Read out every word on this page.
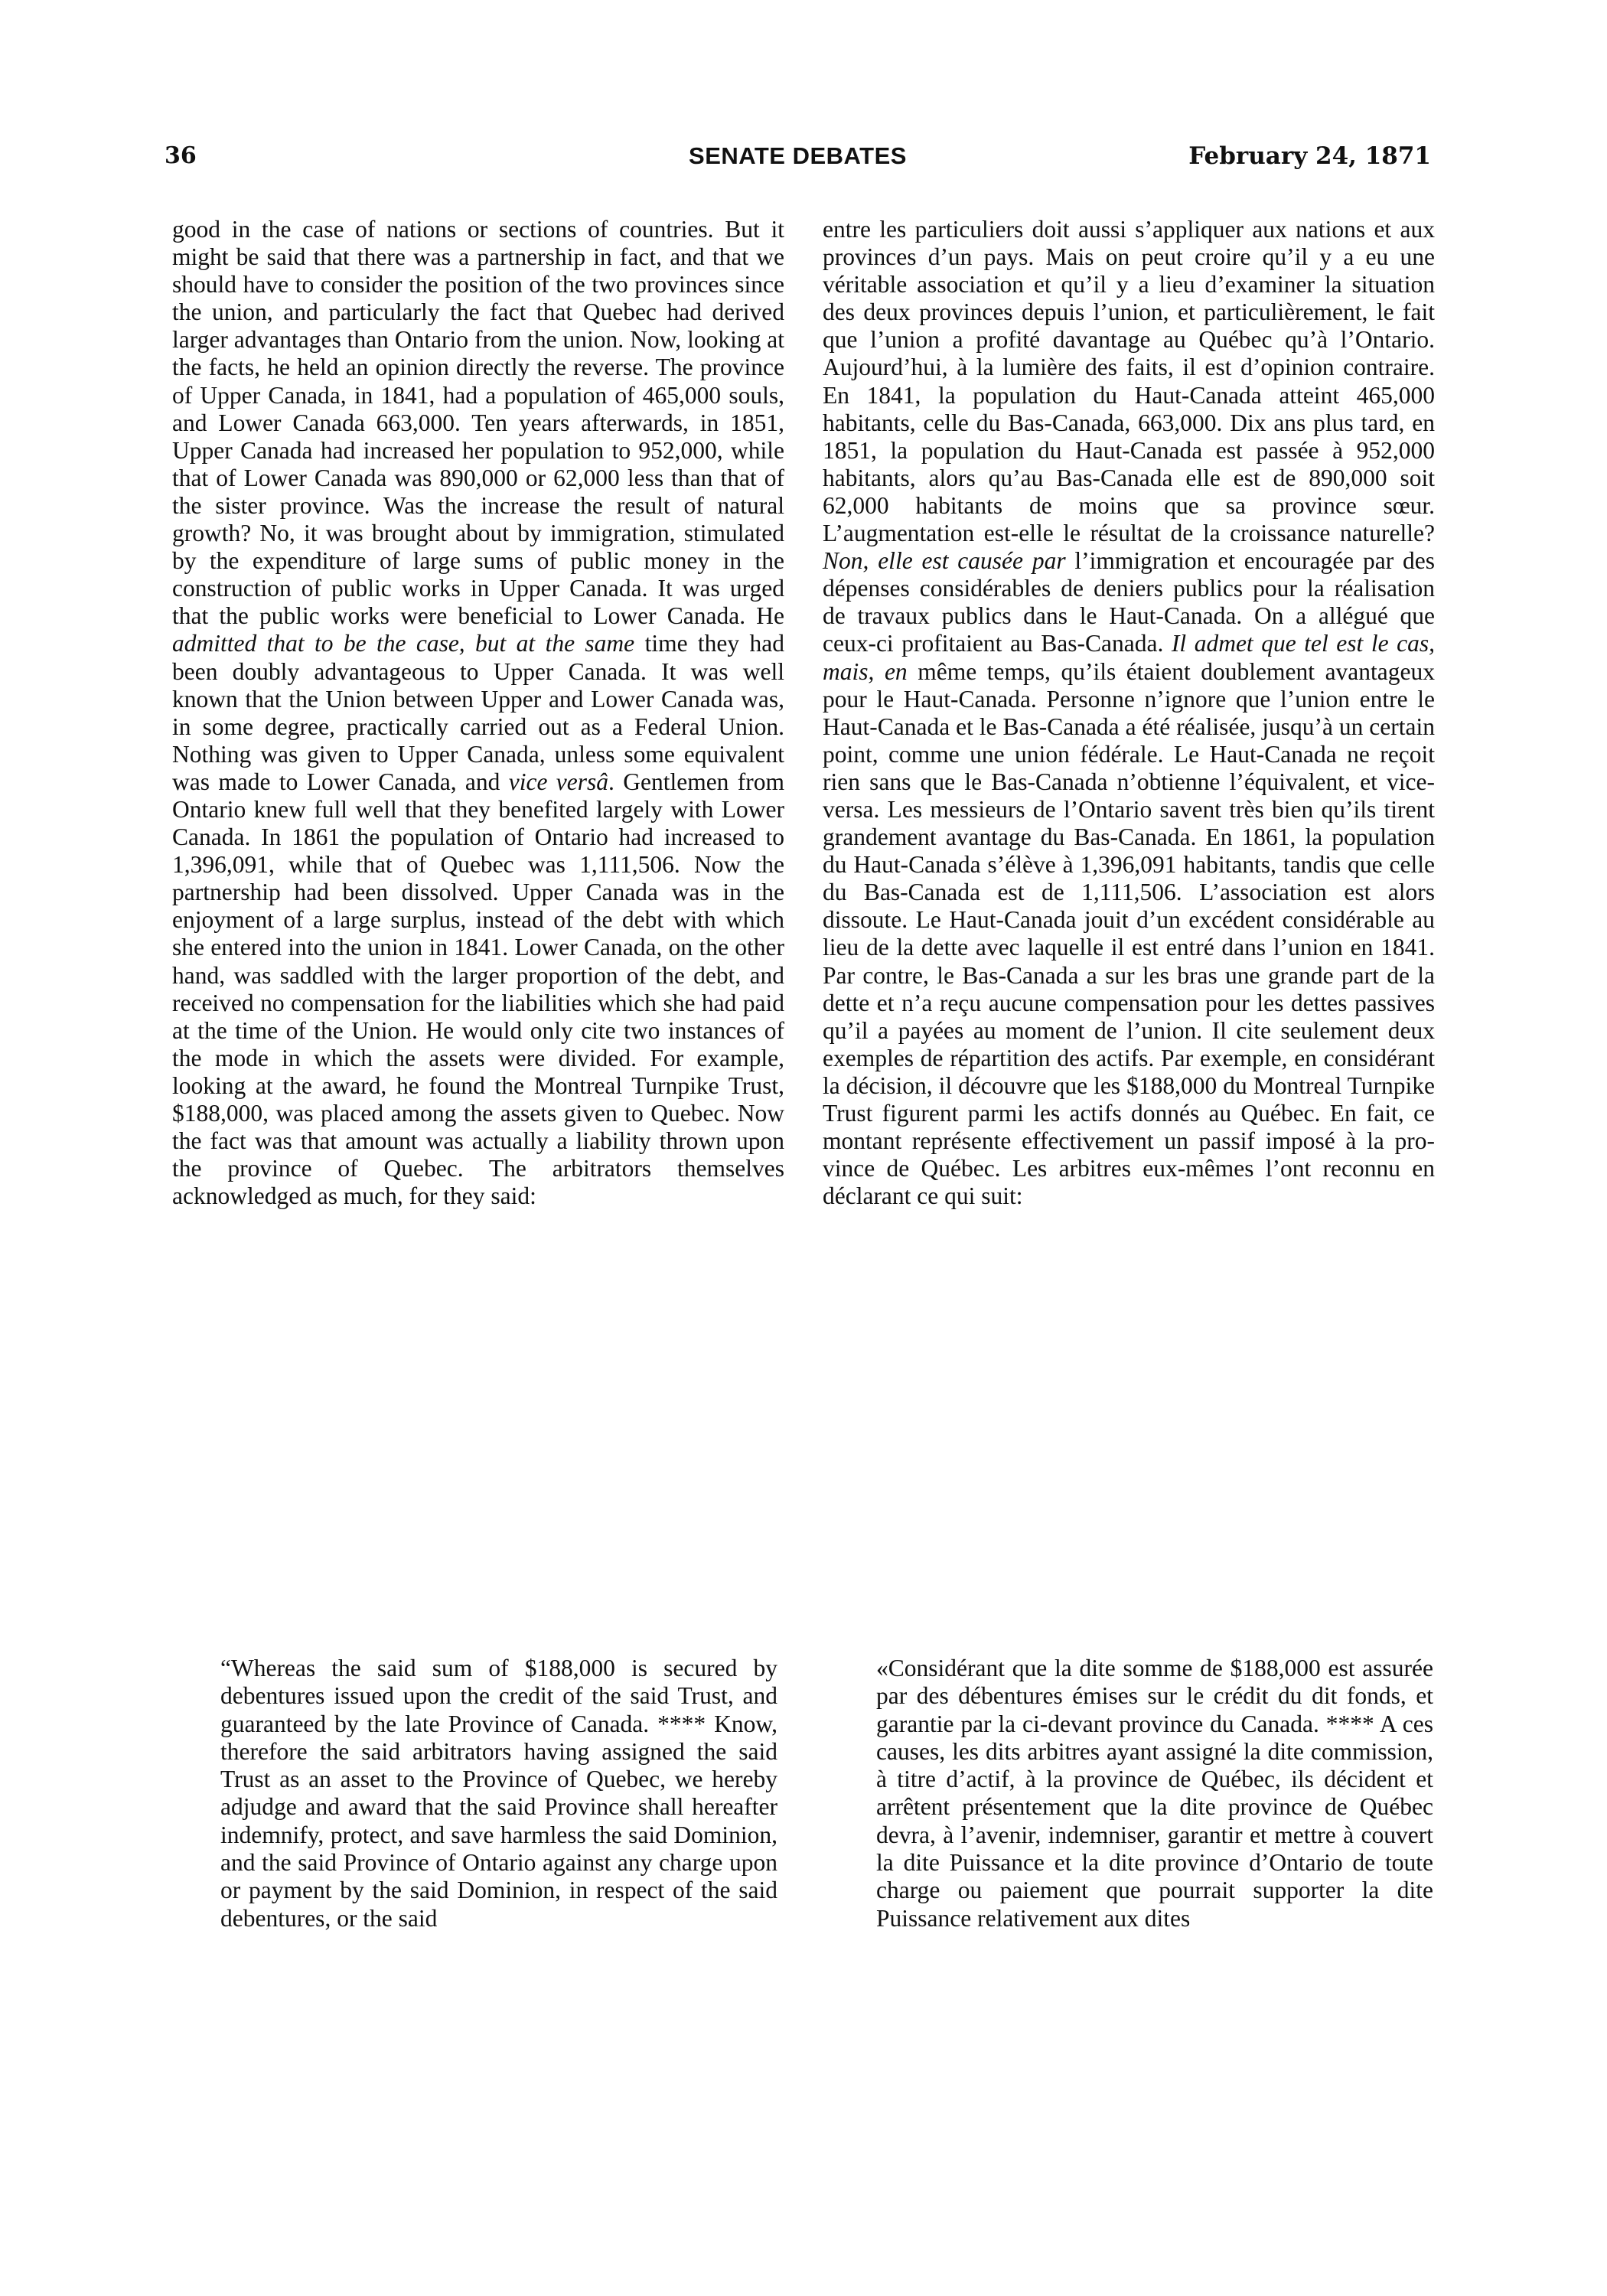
36	SENATE DEBATES	February 24, 1871

good in the case of nations or sections of countries. But it might be said that there was a partnership in fact, and that we should have to consider the position of the two provinces since the union, and particularly the fact that Quebec had derived larger advantages than Ontario from the union. Now, looking at the facts, he held an opinion directly the reverse. The province of Upper Canada, in 1841, had a population of 465,000 souls, and Lower Canada 663,000. Ten years afterwards, in 1851, Upper Canada had increased her population to 952,000, while that of Lower Canada was 890,000 or 62,000 less than that of the sister province. Was the increase the result of natural growth? No, it was brought about by immigration, stimulated by the expenditure of large sums of public money in the construction of public works in Upper Canada. It was urged that the public works were beneficial to Lower Canada. He admitted that to be the case, but at the same time they had been doubly advantageous to Upper Canada. It was well known that the Union between Upper and Lower Canada was, in some degree, practically carried out as a Federal Union. Nothing was given to Upper Canada, unless some equivalent was made to Lower Canada, and vice versâ. Gentlemen from Ontario knew full well that they benefited largely with Lower Canada. In 1861 the population of Ontario had increased to 1,396,091, while that of Quebec was 1,111,506. Now the partnership had been dissolved. Upper Canada was in the enjoyment of a large surplus, instead of the debt with which she entered into the union in 1841. Lower Canada, on the other hand, was saddled with the larger proportion of the debt, and received no compensation for the liabilities which she had paid at the time of the Union. He would only cite two instances of the mode in which the assets were divided. For example, looking at the award, he found the Montreal Turnpike Trust, $188,000, was placed among the assets given to Quebec. Now the fact was that amount was actually a liability thrown upon the province of Quebec. The arbitrators themselves acknowledged as much, for they said:

entre les particuliers doit aussi s’appliquer aux nations et aux provinces d’un pays. Mais on peut croire qu’il y a eu une véritable association et qu’il y a lieu d’examiner la situation des deux provinces depuis l’union, et particulièrement, le fait que l’union a profité davantage au Québec qu’à l’Ontario. Aujourd’hui, à la lumière des faits, il est d’opinion contraire. En 1841, la population du Haut-Canada atteint 465,000 habitants, celle du Bas-Canada, 663,000. Dix ans plus tard, en 1851, la population du Haut-Canada est passée à 952,000 habitants, alors qu’au Bas-Canada elle est de 890,000 soit 62,000 habitants de moins que sa province sœur. L’augmentation est-elle le résultat de la croissance naturelle? Non, elle est causée par l’immigration et encouragée par des dépenses considérables de deniers publics pour la réalisation de travaux publics dans le Haut-Canada. On a allégué que ceux-ci profitaient au Bas-Canada. Il admet que tel est le cas, mais, en même temps, qu’ils étaient doublement avantageux pour le Haut-Canada. Personne n’ignore que l’union entre le Haut-Canada et le Bas-Canada a été réalisée, jusqu’à un certain point, comme une union fédérale. Le Haut-Canada ne reçoit rien sans que le Bas-Canada n’obtienne l’équivalent, et vice-versa. Les messieurs de l’Ontario savent très bien qu’ils tirent grandement avantage du Bas-Canada. En 1861, la population du Haut-Canada s’élève à 1,396,091 habitants, tandis que celle du Bas-Canada est de 1,111,506. L’association est alors dissoute. Le Haut-Canada jouit d’un excédent considérable au lieu de la dette avec laquelle il est entré dans l’union en 1841. Par contre, le Bas-Canada a sur les bras une grande part de la dette et n’a reçu aucune compensation pour les dettes passives qu’il a payées au moment de l’union. Il cite seulement deux exemples de répartition des actifs. Par exemple, en considérant la décision, il découvre que les $188,000 du Montreal Turnpike Trust figurent parmi les actifs donnés au Québec. En fait, ce montant représente effectivement un passif imposé à la province de Québec. Les arbitres eux-mêmes l’ont reconnu en déclarant ce qui suit:

“Whereas the said sum of $188,000 is secured by debentures issued upon the credit of the said Trust, and guaranteed by the late Province of Canada. **** Know, therefore the said arbitrators having assigned the said Trust as an asset to the Province of Quebec, we hereby adjudge and award that the said Province shall hereafter indemnify, protect, and save harmless the said Dominion, and the said Province of Ontario against any charge upon or payment by the said Dominion, in respect of the said debentures, or the said

«Considérant que la dite somme de $188,000 est assurée par des débentures émises sur le crédit du dit fonds, et garantie par la ci-devant province du Canada. **** A ces causes, les dits arbitres ayant assigné la dite commission, à titre d’actif, à la province de Québec, ils décident et arrêtent présentement que la dite province de Québec devra, à l’avenir, indemniser, garantir et mettre à couvert la dite Puissance et la dite province d’Ontario de toute charge ou paiement que pourrait supporter la dite Puissance relativement aux dites
